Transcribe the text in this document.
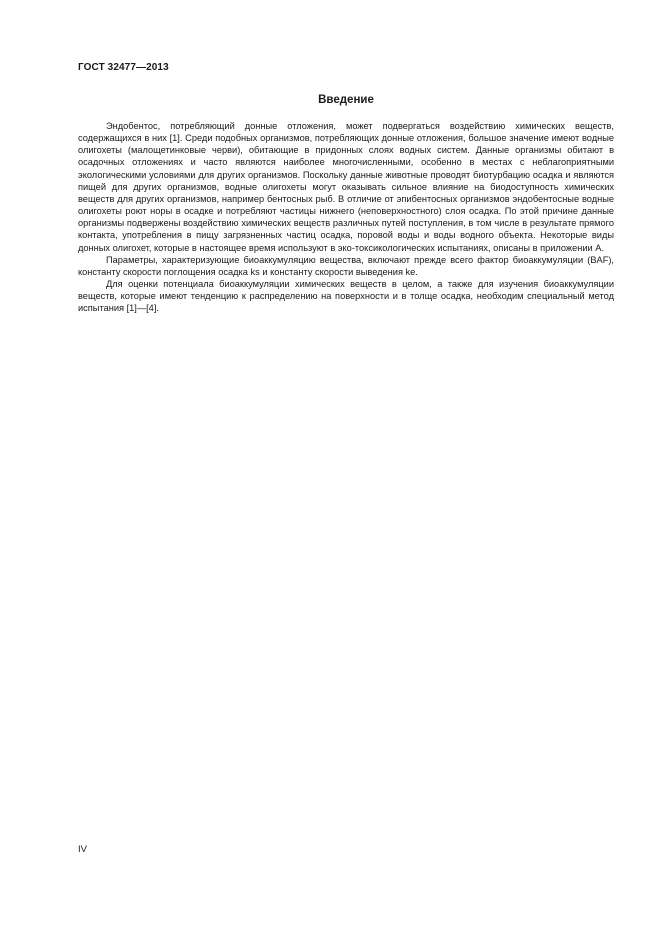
ГОСТ 32477—2013
Введение

Эндобентос, потребляющий донные отложения, может подвергаться воздействию химических веществ, содержащихся в них [1]. Среди подобных организмов, потребляющих донные отложения, большое значение имеют водные олигохеты (малощетинковые черви), обитающие в придонных слоях водных систем. Данные организмы обитают в осадочных отложениях и часто являются наиболее многочисленными, особенно в местах с неблагоприятными экологическими условиями для других организмов. Поскольку данные животные проводят биотурбацию осадка и являются пищей для других организмов, водные олигохеты могут оказывать сильное влияние на биодоступность химических веществ для других организмов, например бентосных рыб. В отличие от эпибентосных организмов эндобентосные водные олигохеты роют норы в осадке и потребляют частицы нижнего (неповерхностного) слоя осадка. По этой причине данные организмы подвержены воздействию химических веществ различных путей поступления, в том числе в результате прямого контакта, употребления в пищу загрязненных частиц осадка, поровой воды и воды водного объекта. Некоторые виды донных олигохет, которые в настоящее время используют в эко-токсикологических испытаниях, описаны в приложении А.

Параметры, характеризующие биоаккумуляцию вещества, включают прежде всего фактор биоаккумуляции (BAF), константу скорости поглощения осадка ks и константу скорости выведения ke.

Для оценки потенциала биоаккумуляции химических веществ в целом, а также для изучения биоаккумуляции веществ, которые имеют тенденцию к распределению на поверхности и в толще осадка, необходим специальный метод испытания [1]—[4].

IV
